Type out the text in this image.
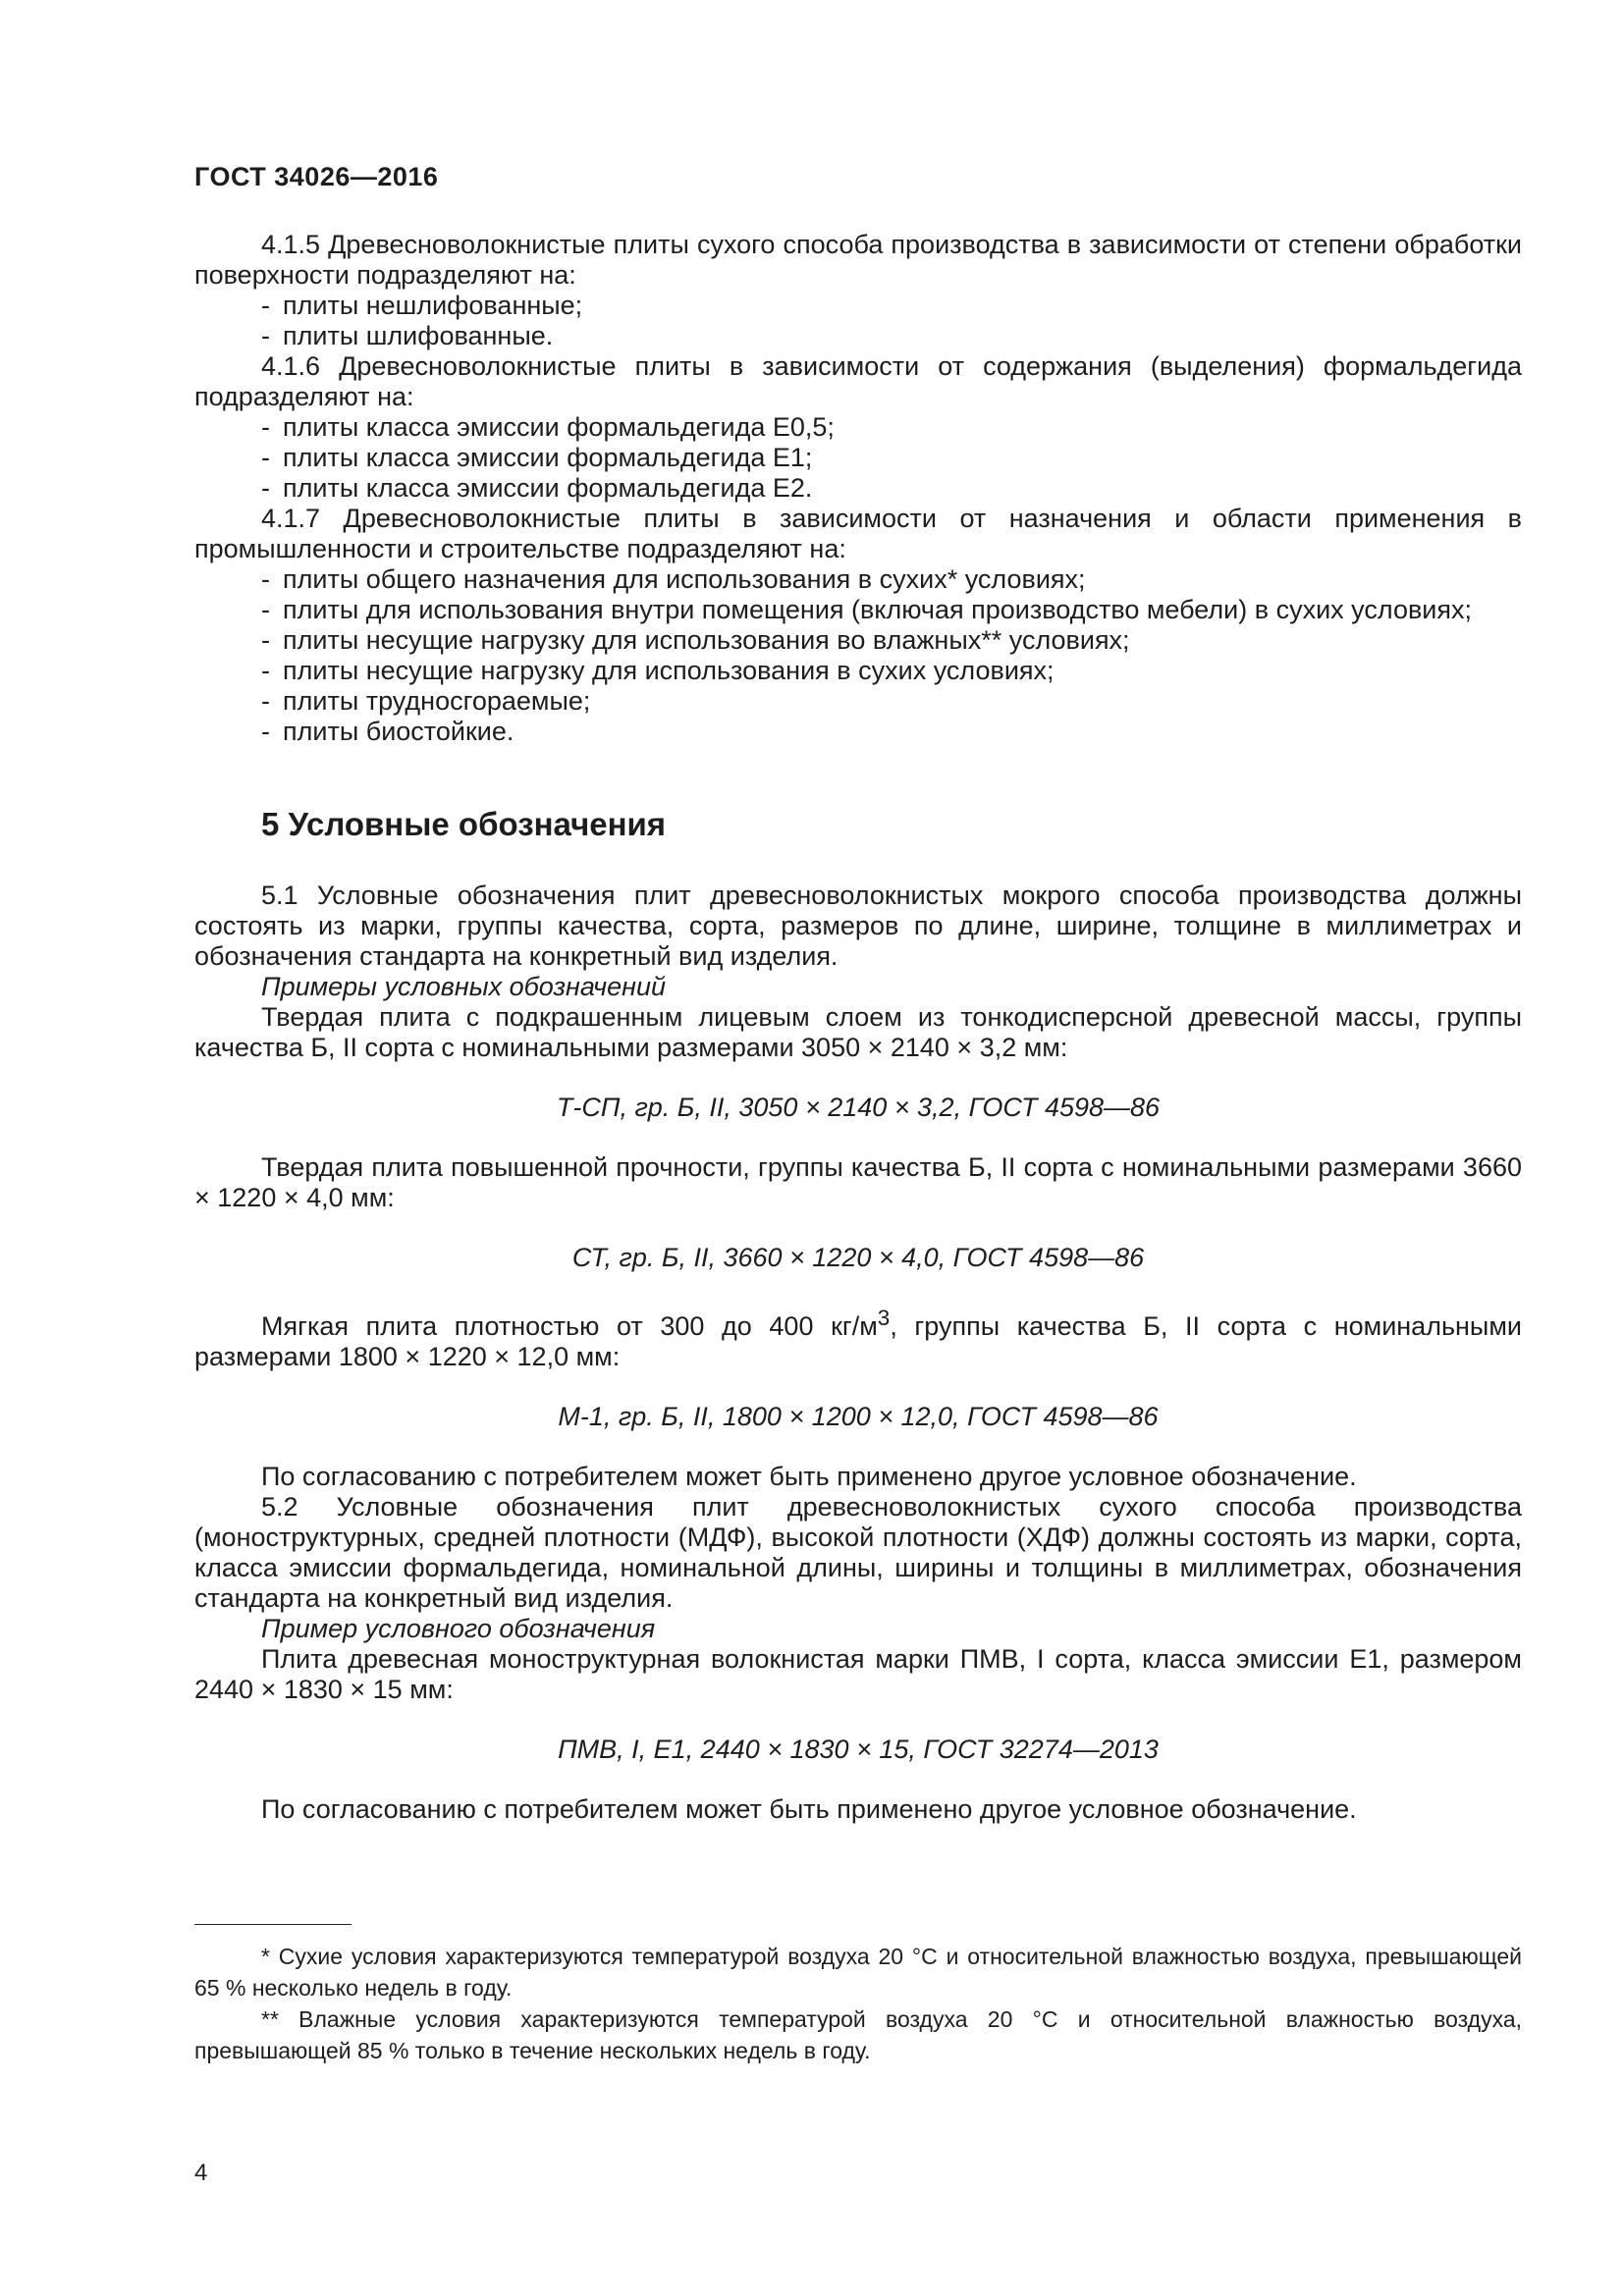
ГОСТ 34026—2016

4.1.5 Древесноволокнистые плиты сухого способа производства в зависимости от степени обработки поверхности подразделяют на:

- плиты нешлифованные;

- плиты шлифованные.

4.1.6 Древесноволокнистые плиты в зависимости от содержания (выделения) формальдегида подразделяют на:

- плиты класса эмиссии формальдегида Е0,5;

- плиты класса эмиссии формальдегида Е1;

- плиты класса эмиссии формальдегида Е2.

4.1.7 Древесноволокнистые плиты в зависимости от назначения и области применения в промышленности и строительстве подразделяют на:

- плиты общего назначения для использования в сухих* условиях;

- плиты для использования внутри помещения (включая производство мебели) в сухих условиях;

- плиты несущие нагрузку для использования во влажных** условиях;

- плиты несущие нагрузку для использования в сухих условиях;

- плиты трудносгораемые;

- плиты биостойкие.

5 Условные обозначения

5.1 Условные обозначения плит древесноволокнистых мокрого способа производства должны состоять из марки, группы качества, сорта, размеров по длине, ширине, толщине в миллиметрах и обозначения стандарта на конкретный вид изделия.

Примеры условных обозначений

Твердая плита с подкрашенным лицевым слоем из тонкодисперсной древесной массы, группы качества Б, II сорта с номинальными размерами 3050 × 2140 × 3,2 мм:

Т-СП, гр. Б, II, 3050 × 2140 × 3,2, ГОСТ 4598—86

Твердая плита повышенной прочности, группы качества Б, II сорта с номинальными размерами 3660 × 1220 × 4,0 мм:

СТ, гр. Б, II, 3660 × 1220 × 4,0, ГОСТ 4598—86

Мягкая плита плотностью от 300 до 400 $кг/м^3$, группы качества Б, II сорта с номинальными размерами 1800 × 1220 × 12,0 мм:

М-1, гр. Б, II, 1800 × 1200 × 12,0, ГОСТ 4598—86

По согласованию с потребителем может быть применено другое условное обозначение.

5.2 Условные обозначения плит древесноволокнистых сухого способа производства (моноструктурных, средней плотности (МДФ), высокой плотности (ХДФ) должны состоять из марки, сорта, класса эмиссии формальдегида, номинальной длины, ширины и толщины в миллиметрах, обозначения стандарта на конкретный вид изделия.

Пример условного обозначения

Плита древесная моноструктурная волокнистая марки ПМВ, I сорта, класса эмиссии Е1, размером 2440 × 1830 × 15 мм:

ПМВ, I, Е1, 2440 × 1830 × 15, ГОСТ 32274—2013

По согласованию с потребителем может быть применено другое условное обозначение.

* Сухие условия характеризуются температурой воздуха 20 °С и относительной влажностью воздуха, превышающей 65 % несколько недель в году.

** Влажные условия характеризуются температурой воздуха 20 °С и относительной влажностью воздуха, превышающей 85 % только в течение нескольких недель в году.

4
